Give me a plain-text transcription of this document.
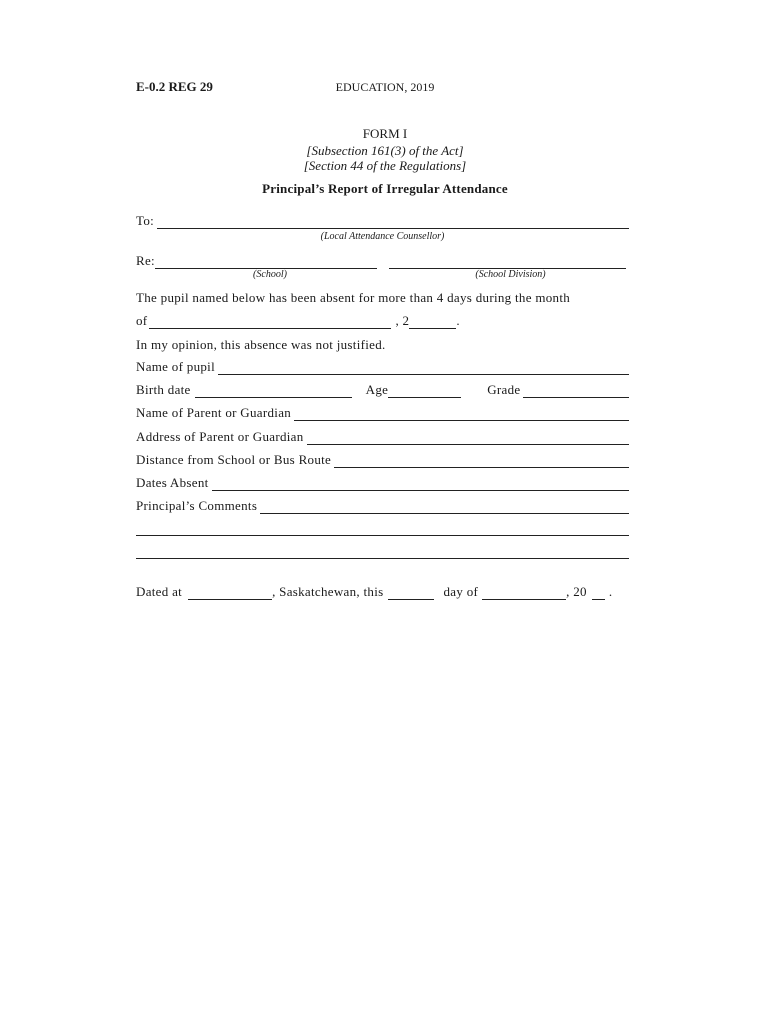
E-0.2 REG 29	EDUCATION, 2019
FORM I
[Subsection 161(3) of the Act]
[Section 44 of the Regulations]
Principal’s Report of Irregular Attendance
To:
(Local Attendance Counsellor)
Re:
(School)	(School Division)
The pupil named below has been absent for more than 4 days during the month
of	, 2	.
In my opinion, this absence was not justified.
Name of pupil
Birth date	Age	Grade
Name of Parent or Guardian
Address of Parent or Guardian
Distance from School or Bus Route
Dates Absent
Principal’s Comments
Dated at	, Saskatchewan, this	day of	, 20 .
